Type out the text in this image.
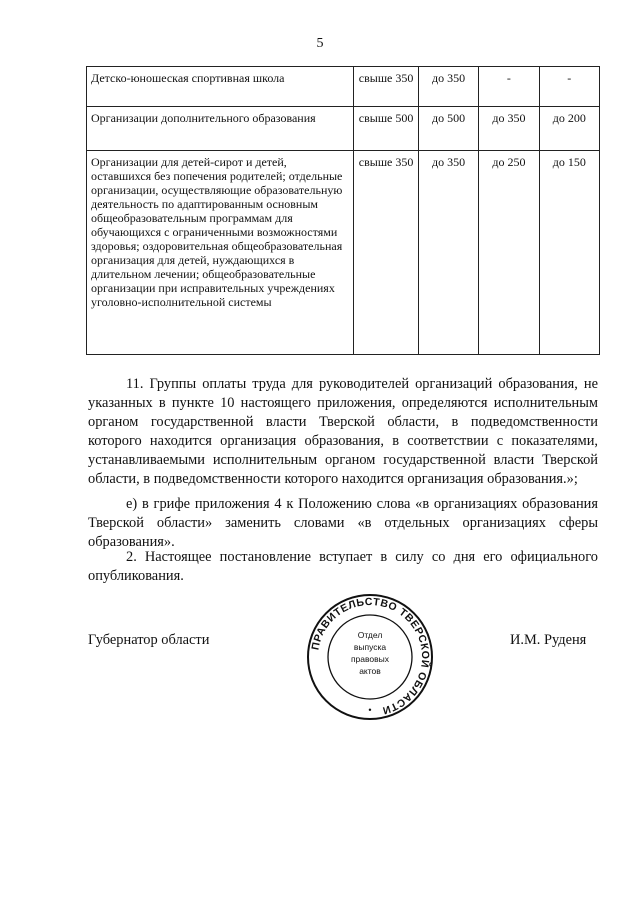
5
Детско-юношеская спортивная школа	свыше 350	до 350	-	-
Организации дополнительного образования	свыше 500	до 500	до 350	до 200
Организации для детей-сирот и детей, оставшихся без попечения родителей; отдельные организации, осуществляющие образовательную деятельность по адаптированным основным общеобразовательным программам для обучающихся с ограниченными возможностями здоровья; оздоровительная общеобразовательная организация для детей, нуждающихся в длительном лечении; общеобразовательные организации при исправительных учреждениях уголовно-исполнительной системы	свыше 350	до 350	до 250	до 150
11. Группы оплаты труда для руководителей организаций образования, не указанных в пункте 10 настоящего приложения, определяются исполнительным органом государственной власти Тверской области, в подведомственности которого находится организация образования, в соответствии с показателями, устанавливаемыми исполнительным органом государственной власти Тверской области, в подведомственности которого находится организация образования.»;
е) в грифе приложения 4 к Положению слова «в организациях образования Тверской области» заменить словами «в отдельных организациях сферы образования».
2. Настоящее постановление вступает в силу со дня его официального опубликования.
Губернатор области	И.М. Руденя
ПРАВИТЕЛЬСТВО ТВЕРСКОЙ ОБЛАСТИ
Отдел
выпуска
правовых
актов
•
